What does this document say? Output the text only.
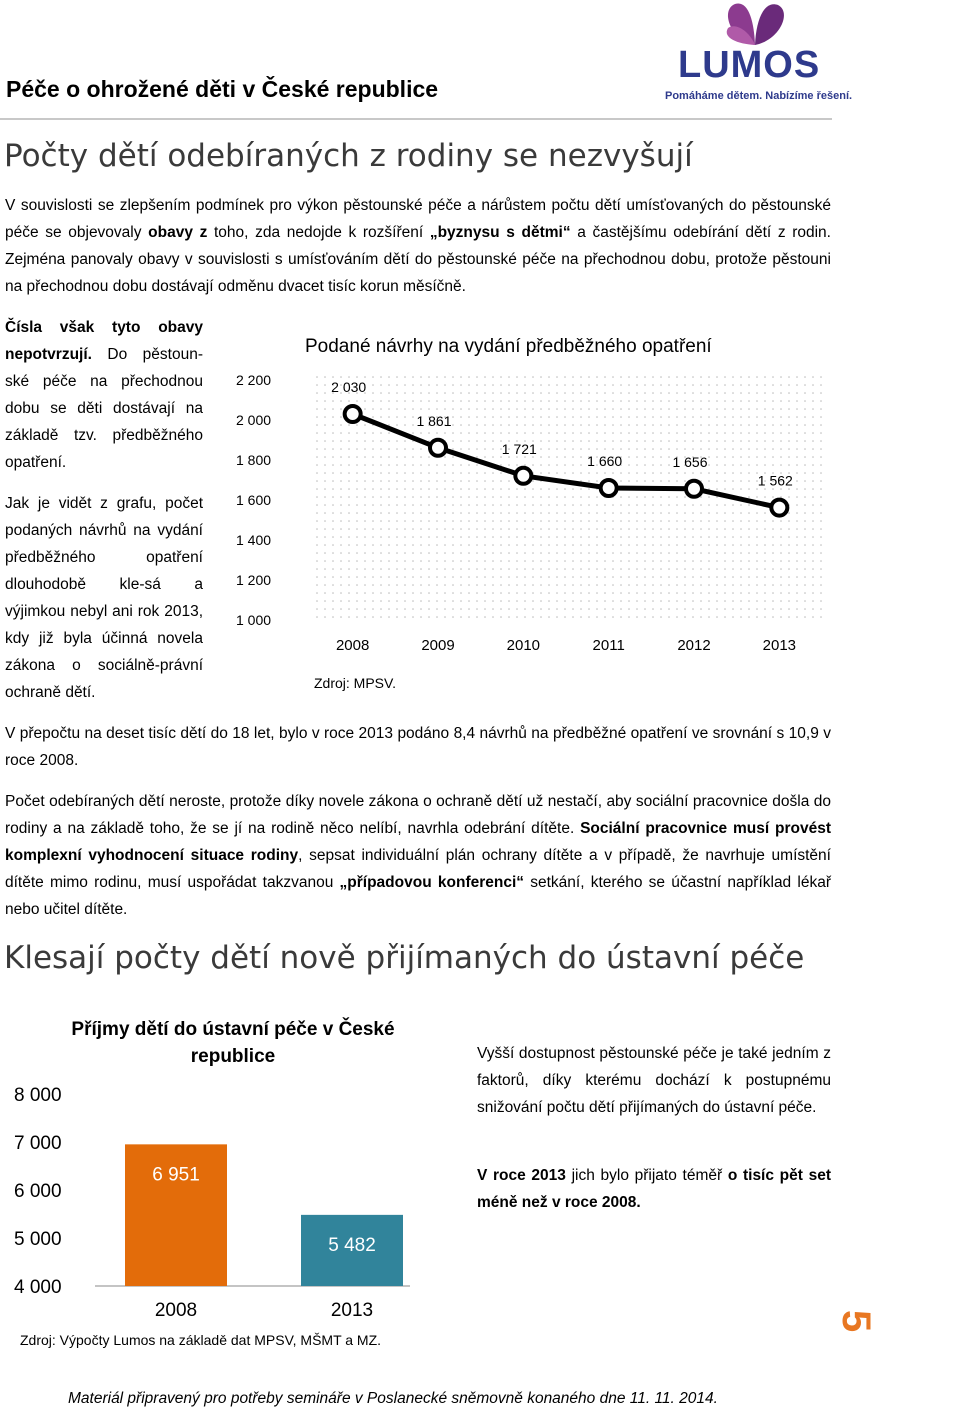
Péče o ohrožené děti v České republice
LUMOS
Pomáháme dětem. Nabízíme řešení.
Počty dětí odebíraných z rodiny se nezvyšují
V souvislosti se zlepšením podmínek pro výkon pěstounské péče a nárůstem počtu dětí umísťovaných do pěstounské péče se objevovaly obavy z toho, zda nedojde k rozšíření „byznysu s dětmi“ a častějšímu odebírání dětí z rodin. Zejména panovaly obavy v souvislosti s umísťováním dětí do pěstounské péče na přechodnou dobu, protože pěstouni na přechodnou dobu dostávají odměnu dvacet tisíc korun měsíčně.
Čísla však tyto obavy nepotvrzují. Do pěstoun-ské péče na přechodnou dobu se děti dostávají na základě tzv. předběžného opatření.
Jak je vidět z grafu, počet podaných návrhů na vydání předběžného opatření dlouhodobě kle-sá a výjimkou nebyl ani rok 2013, kdy již byla účinná novela zákona o sociálně-právní ochraně dětí.
2 200
2 000
1 800
1 600
1 400
1 200
1 000
2008	2009	2010	2011	2012	2013
2 030
1 861
1 721
1 660	1 656
1 562
Podané návrhy na vydání předběžného opatření
Zdroj: MPSV.
V přepočtu na deset tisíc dětí do 18 let, bylo v roce 2013 podáno 8,4 návrhů na předběžné opatření ve srovnání s 10,9 v roce 2008.
Počet odebíraných dětí neroste, protože díky novele zákona o ochraně dětí už nestačí, aby sociální pracovnice došla do rodiny a na základě toho, že se jí na rodině něco nelíbí, navrhla odebrání dítěte. Sociální pracovnice musí provést komplexní vyhodnocení situace rodiny, sepsat individuální plán ochrany dítěte a v případě, že navrhuje umístění dítěte mimo rodinu, musí uspořádat takzvanou „případovou konferenci“ setkání, kterého se účastní například lékař nebo učitel dítěte.
Klesají počty dětí nově přijímaných do ústavní péče
Příjmy dětí do ústavní péče v České republice
8 000
7 000
6 000
5 000
4 000
6 951
5 482
2008	2013
Zdroj: Výpočty Lumos na základě dat MPSV, MŠMT a MZ.
Vyšší dostupnost pěstounské péče je také jedním z faktorů, díky kterému dochází k postupnému snižování počtu dětí přijímaných do ústavní péče.
V roce 2013 jich bylo přijato téměř o tisíc pět set méně než v roce 2008.
5
Materiál připravený pro potřeby semináře v Poslanecké sněmovně konaného dne 11. 11. 2014.
